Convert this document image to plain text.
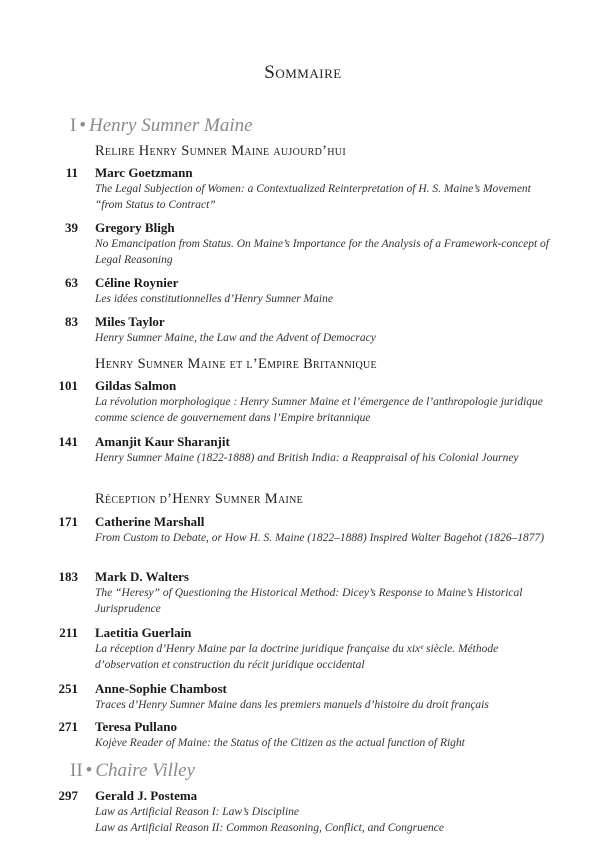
Sommaire
I • Henry Sumner Maine
Relire Henry Sumner Maine aujourd’hui
11 Marc Goetzmann
The Legal Subjection of Women: a Contextualized Reinterpretation of H. S. Maine’s Movement “from Status to Contract”
39 Gregory Bligh
No Emancipation from Status. On Maine’s Importance for the Analysis of a Framework-concept of Legal Reasoning
63 Céline Roynier
Les idées constitutionnelles d’Henry Sumner Maine
83 Miles Taylor
Henry Sumner Maine, the Law and the Advent of Democracy
Henry Sumner Maine et l’Empire Britannique
101 Gildas Salmon
La révolution morphologique : Henry Sumner Maine et l’émergence de l’anthropologie juridique comme science de gouvernement dans l’Empire britannique
141 Amanjit Kaur Sharanjit
Henry Sumner Maine (1822-1888) and British India: a Reappraisal of his Colonial Journey
Réception d’Henry Sumner Maine
171 Catherine Marshall
From Custom to Debate, or How H. S. Maine (1822–1888) Inspired Walter Bagehot (1826–1877)
183 Mark D. Walters
The “Heresy” of Questioning the Historical Method: Dicey’s Response to Maine’s Historical Jurisprudence
211 Laetitia Guerlain
La réception d’Henry Maine par la doctrine juridique française du xixᵉ siècle. Méthode d’observation et construction du récit juridique occidental
251 Anne-Sophie Chambost
Traces d’Henry Sumner Maine dans les premiers manuels d’histoire du droit français
271 Teresa Pullano
Kojève Reader of Maine: the Status of the Citizen as the actual function of Right
II • Chaire Villey
297 Gerald J. Postema
Law as Artificial Reason I: Law’s Discipline
Law as Artificial Reason II: Common Reasoning, Conflict, and Congruence
